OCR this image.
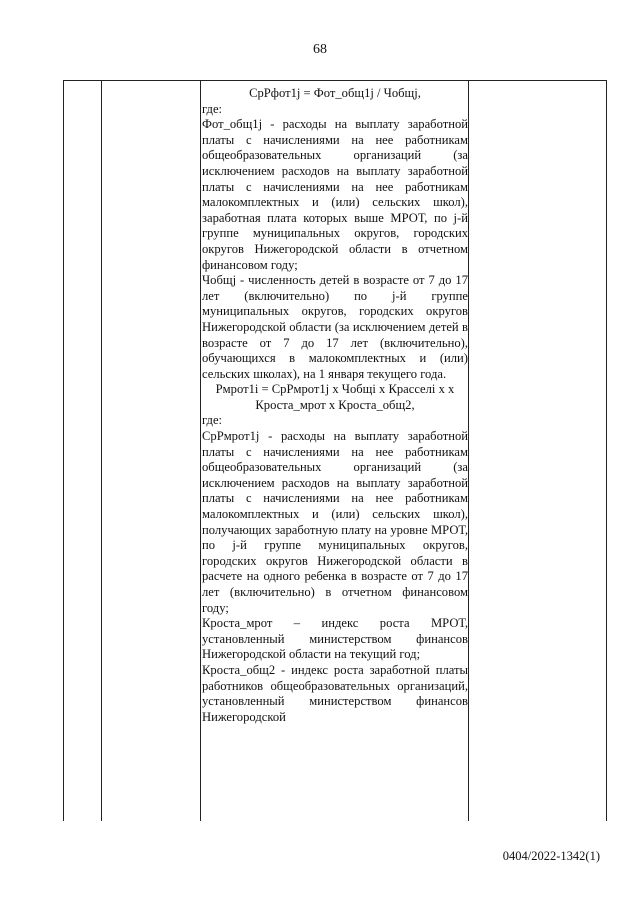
68

СрРфот1j = Фот_общ1j / Чобщj,

где:

Фот_общ1j - расходы на выплату заработной платы с начислениями на нее работникам общеобразовательных организаций (за исключением расходов на выплату заработной платы с начислениями на нее работникам малокомплектных и (или) сельских школ), заработная плата которых выше МРОТ, по j-й группе муниципальных округов, городских округов Нижегородской области в отчетном финансовом году;

Чобщj - численность детей в возрасте от 7 до 17 лет (включительно) по j-й группе муниципальных округов, городских округов Нижегородской области (за исключением детей в возрасте от 7 до 17 лет (включительно), обучающихся в малокомплектных и (или) сельских школах), на 1 января текущего года.

Рмрот1i = СрРмрот1j x Чобщi x Красселi x x Кроста_мрот x Кроста_общ2,

где:

СрРмрот1j - расходы на выплату заработной платы с начислениями на нее работникам общеобразовательных организаций (за исключением расходов на выплату заработной платы с начислениями на нее работникам малокомплектных и (или) сельских школ), получающих заработную плату на уровне МРОТ, по j-й группе муниципальных округов, городских округов Нижегородской области в расчете на одного ребенка в возрасте от 7 до 17 лет (включительно) в отчетном финансовом году;

Кроста_мрот – индекс роста МРОТ, установленный министерством финансов Нижегородской области на текущий год;

Кроста_общ2 - индекс роста заработной платы работников общеобразовательных организаций, установленный министерством финансов Нижегородской

0404/2022-1342(1)
